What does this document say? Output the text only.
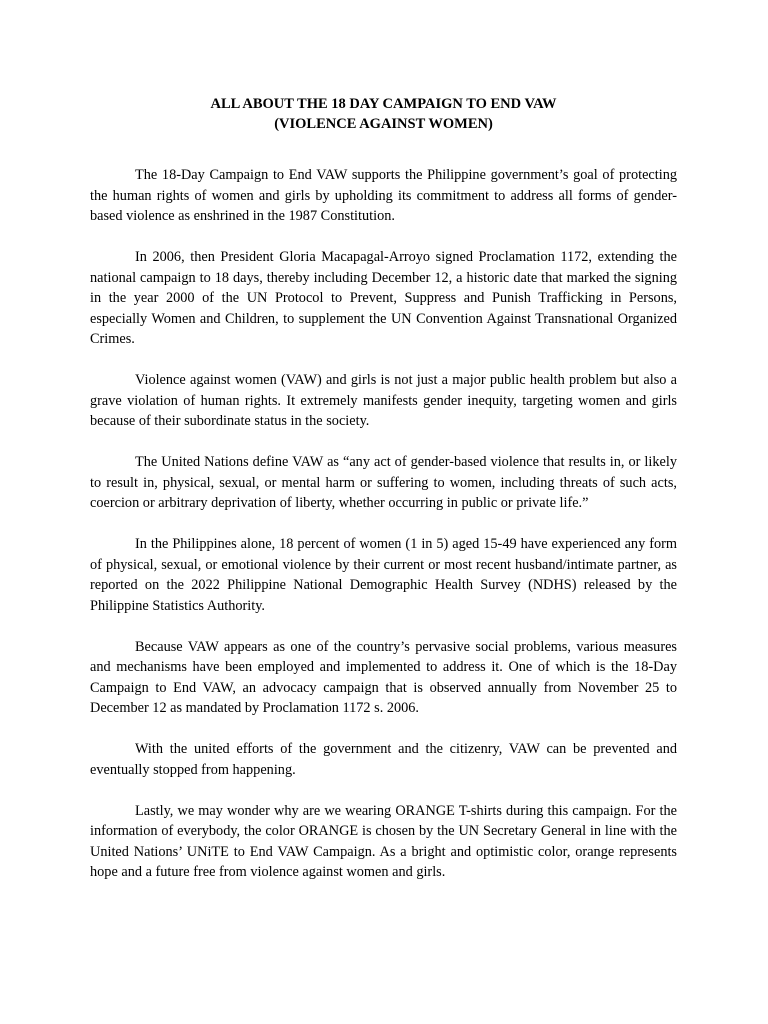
ALL ABOUT THE 18 DAY CAMPAIGN TO END VAW
(VIOLENCE AGAINST WOMEN)

The 18-Day Campaign to End VAW supports the Philippine government’s goal of protecting the human rights of women and girls by upholding its commitment to address all forms of gender-based violence as enshrined in the 1987 Constitution.

In 2006, then President Gloria Macapagal-Arroyo signed Proclamation 1172, extending the national campaign to 18 days, thereby including December 12, a historic date that marked the signing in the year 2000 of the UN Protocol to Prevent, Suppress and Punish Trafficking in Persons, especially Women and Children, to supplement the UN Convention Against Transnational Organized Crimes.

Violence against women (VAW) and girls is not just a major public health problem but also a grave violation of human rights. It extremely manifests gender inequity, targeting women and girls because of their subordinate status in the society.

The United Nations define VAW as “any act of gender-based violence that results in, or likely to result in, physical, sexual, or mental harm or suffering to women, including threats of such acts, coercion or arbitrary deprivation of liberty, whether occurring in public or private life.”

In the Philippines alone, 18 percent of women (1 in 5) aged 15-49 have experienced any form of physical, sexual, or emotional violence by their current or most recent husband/intimate partner, as reported on the 2022 Philippine National Demographic Health Survey (NDHS) released by the Philippine Statistics Authority.

Because VAW appears as one of the country’s pervasive social problems, various measures and mechanisms have been employed and implemented to address it. One of which is the 18-Day Campaign to End VAW, an advocacy campaign that is observed annually from November 25 to December 12 as mandated by Proclamation 1172 s. 2006.

With the united efforts of the government and the citizenry, VAW can be prevented and eventually stopped from happening.

Lastly, we may wonder why are we wearing ORANGE T-shirts during this campaign. For the information of everybody, the color ORANGE is chosen by the UN Secretary General in line with the United Nations’ UNiTE to End VAW Campaign. As a bright and optimistic color, orange represents hope and a future free from violence against women and girls.
